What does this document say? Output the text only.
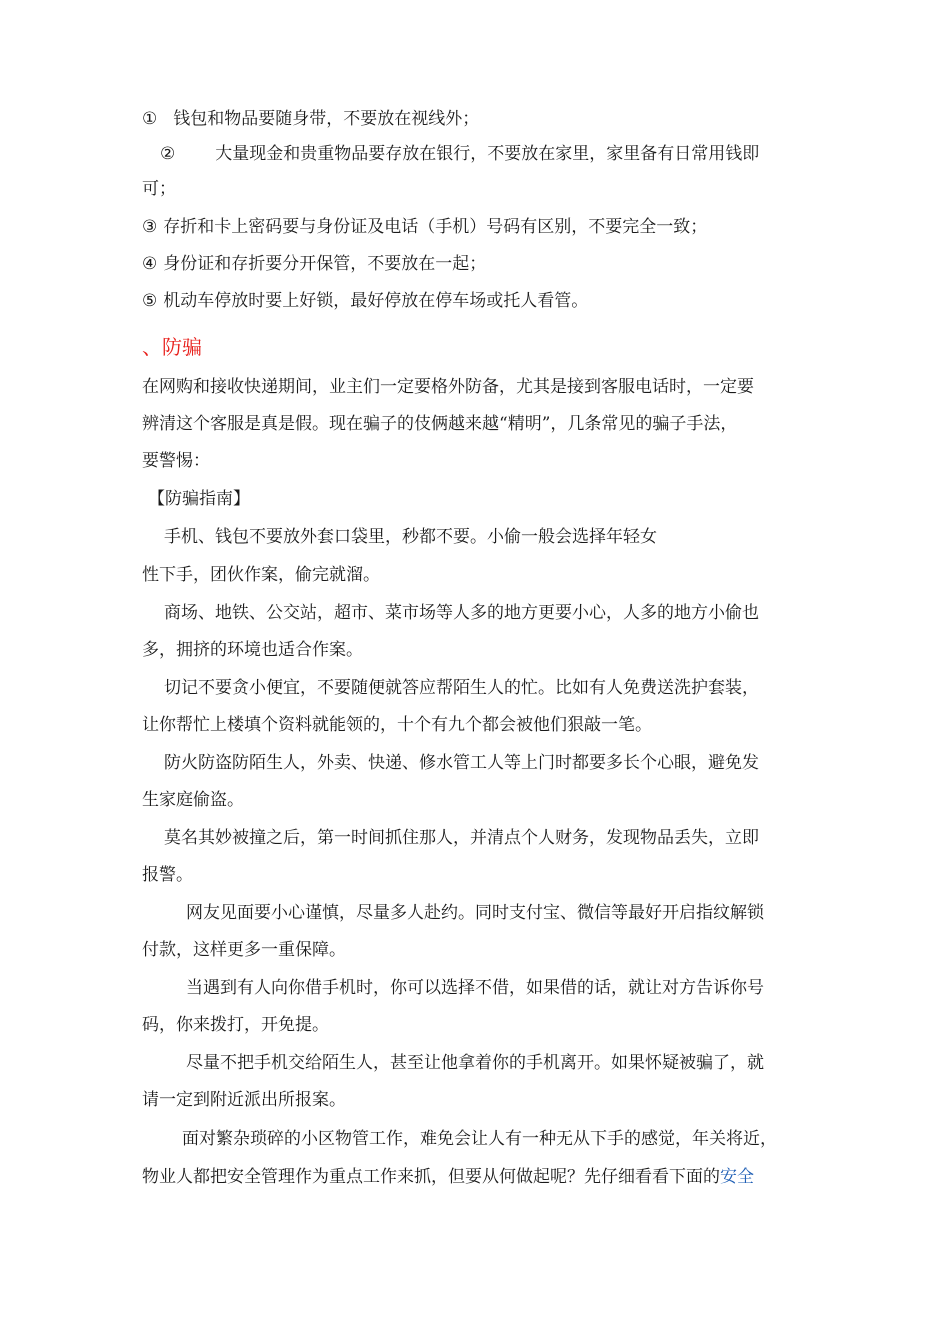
① 钱包和物品要随身带，不要放在视线外；
② 大量现金和贵重物品要存放在银行，不要放在家里，家里备有日常用钱即
可；
③ 存折和卡上密码要与身份证及电话（手机）号码有区别，不要完全一致；
④ 身份证和存折要分开保管，不要放在一起；
⑤ 机动车停放时要上好锁，最好停放在停车场或托人看管。
、防骗
在网购和接收快递期间，业主们一定要格外防备，尤其是接到客服电话时，一定要
辨清这个客服是真是假。现在骗子的伎俩越来越“精明”，几条常见的骗子手法，
要警惕：
【防骗指南】
手机、钱包不要放外套口袋里，秒都不要。小偷一般会选择年轻女
性下手，团伙作案，偷完就溜。
商场、地铁、公交站，超市、菜市场等人多的地方更要小心，人多的地方小偷也
多，拥挤的环境也适合作案。
切记不要贪小便宜，不要随便就答应帮陌生人的忙。比如有人免费送洗护套装，
让你帮忙上楼填个资料就能领的，十个有九个都会被他们狠敲一笔。
防火防盗防陌生人，外卖、快递、修水管工人等上门时都要多长个心眼，避免发
生家庭偷盗。
莫名其妙被撞之后，第一时间抓住那人，并清点个人财务，发现物品丢失，立即
报警。
网友见面要小心谨慎，尽量多人赴约。同时支付宝、微信等最好开启指纹解锁
付款，这样更多一重保障。
当遇到有人向你借手机时，你可以选择不借，如果借的话，就让对方告诉你号
码，你来拨打，开免提。
尽量不把手机交给陌生人，甚至让他拿着你的手机离开。如果怀疑被骗了，就
请一定到附近派出所报案。
面对繁杂琐碎的小区物管工作，难免会让人有一种无从下手的感觉，年关将近，
物业人都把安全管理作为重点工作来抓，但要从何做起呢？先仔细看看下面的安全
